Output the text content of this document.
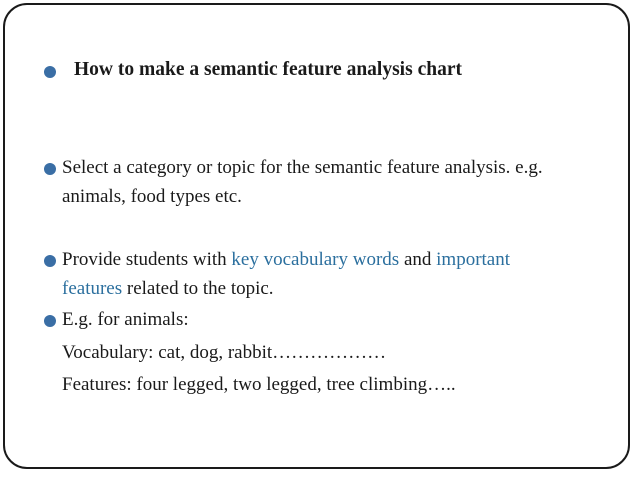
How to make a semantic feature analysis chart

Select a category or topic for the semantic feature analysis. e.g.

animals, food types etc.

Provide students with key vocabulary words and important

features related to the topic.

E.g. for animals:

Vocabulary: cat, dog, rabbit………………

Features: four legged, two legged, tree climbing…..
